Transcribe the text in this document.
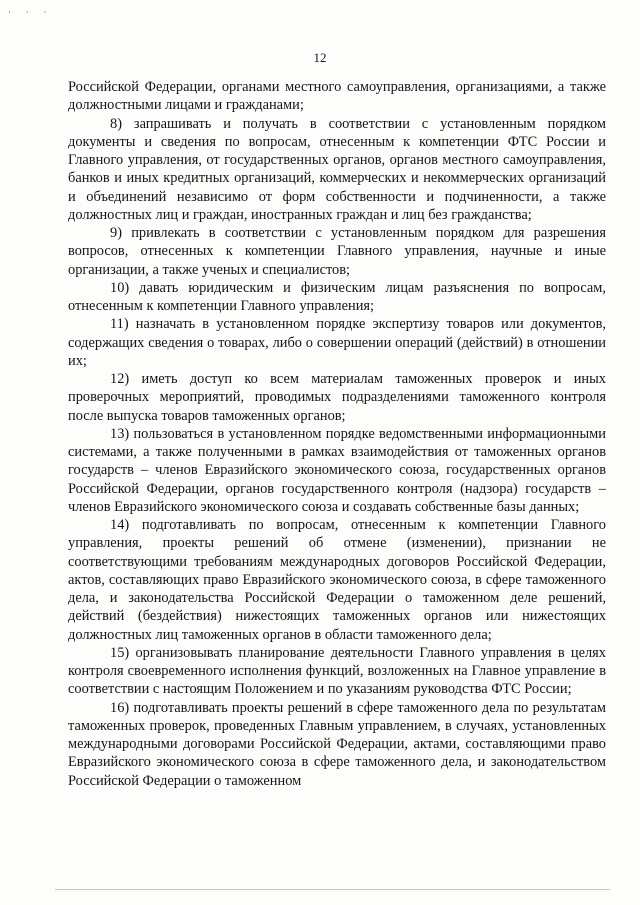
· · ·
12

Российской Федерации, органами местного самоуправления, организациями, а также должностными лицами и гражданами;

8) запрашивать и получать в соответствии с установленным порядком документы и сведения по вопросам, отнесенным к компетенции ФТС России и Главного управления, от государственных органов, органов местного самоуправления, банков и иных кредитных организаций, коммерческих и некоммерческих организаций и объединений независимо от форм собственности и подчиненности, а также должностных лиц и граждан, иностранных граждан и лиц без гражданства;

9) привлекать в соответствии с установленным порядком для разрешения вопросов, отнесенных к компетенции Главного управления, научные и иные организации, а также ученых и специалистов;

10) давать юридическим и физическим лицам разъяснения по вопросам, отнесенным к компетенции Главного управления;

11) назначать в установленном порядке экспертизу товаров или документов, содержащих сведения о товарах, либо о совершении операций (действий) в отношении их;

12) иметь доступ ко всем материалам таможенных проверок и иных проверочных мероприятий, проводимых подразделениями таможенного контроля после выпуска товаров таможенных органов;

13) пользоваться в установленном порядке ведомственными информационными системами, а также полученными в рамках взаимодействия от таможенных органов государств – членов Евразийского экономического союза, государственных органов Российской Федерации, органов государственного контроля (надзора) государств – членов Евразийского экономического союза и создавать собственные базы данных;

14) подготавливать по вопросам, отнесенным к компетенции Главного управления, проекты решений об отмене (изменении), признании не соответствующими требованиям международных договоров Российской Федерации, актов, составляющих право Евразийского экономического союза, в сфере таможенного дела, и законодательства Российской Федерации о таможенном деле решений, действий (бездействия) нижестоящих таможенных органов или нижестоящих должностных лиц таможенных органов в области таможенного дела;

15) организовывать планирование деятельности Главного управления в целях контроля своевременного исполнения функций, возложенных на Главное управление в соответствии с настоящим Положением и по указаниям руководства ФТС России;

16) подготавливать проекты решений в сфере таможенного дела по результатам таможенных проверок, проведенных Главным управлением, в случаях, установленных международными договорами Российской Федерации, актами, составляющими право Евразийского экономического союза в сфере таможенного дела, и законодательством Российской Федерации о таможенном
